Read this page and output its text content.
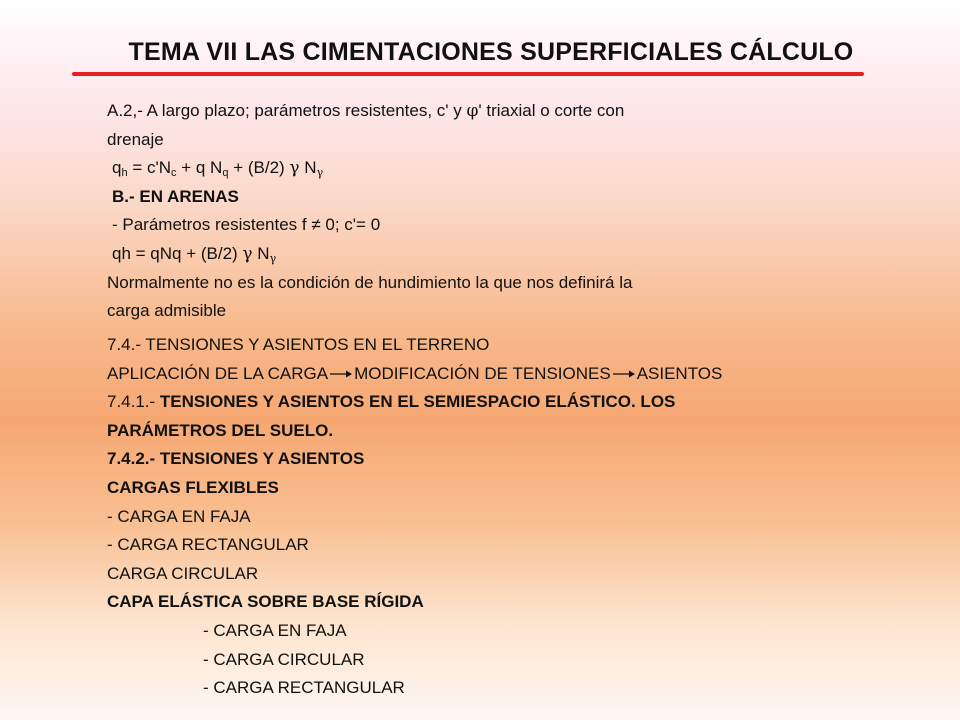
TEMA VII LAS CIMENTACIONES SUPERFICIALES CÁLCULO
A.2,- A largo plazo; parámetros resistentes, c' y φ' triaxial o corte con
drenaje
$q_h = c'N_c + q$ $N_q + (B/2)$ γ $N_\gamma$
B.- EN ARENAS
- Parámetros resistentes f ≠ 0; c'= 0
qh = qNq + (B/2) γ $N_\gamma$
Normalmente no es la condición de hundimiento la que nos definirá la
carga admisible
7.4.- TENSIONES Y ASIENTOS EN EL TERRENO
APLICACIÓN DE LA CARGA MODIFICACIÓN DE TENSIONES ASIENTOS
7.4.1.- TENSIONES Y ASIENTOS EN EL SEMIESPACIO ELÁSTICO. LOS
PARÁMETROS DEL SUELO.
7.4.2.- TENSIONES Y ASIENTOS
CARGAS FLEXIBLES
- CARGA EN FAJA
- CARGA RECTANGULAR
CARGA CIRCULAR
CAPA ELÁSTICA SOBRE BASE RÍGIDA
- CARGA EN FAJA
- CARGA CIRCULAR
- CARGA RECTANGULAR
